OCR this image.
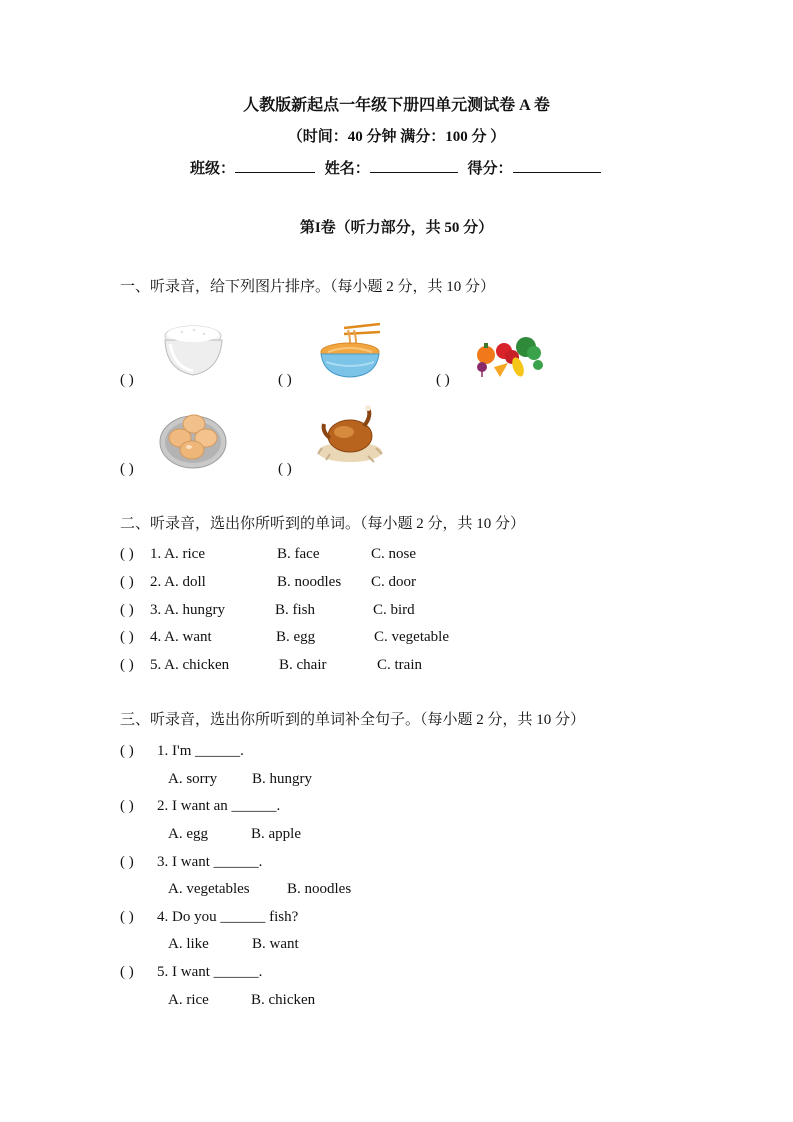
人教版新起点一年级下册四单元测试卷 A 卷
（时间：40 分钟 满分：100 分 ）
班级：	姓名：	得分：
第I卷（听力部分，共 50 分）
一、听录音，给下列图片排序。（每小题 2 分，共 10 分）
( )	( )	( )
( )	( )
二、听录音，选出你所听到的单词。（每小题 2 分，共 10 分）
( ) 1. A. rice	B. face	C. nose
( ) 2. A. doll	B. noodles C. door
( ) 3. A. hungry	B. fish	C. bird
( ) 4. A. want	B. egg	C. vegetable
( ) 5. A. chicken	B. chair	C. train
三、听录音，选出你所听到的单词补全句子。（每小题 2 分，共 10 分）
( ) 1. I'm ______.
A. sorry B. hungry
( ) 2. I want an ______.
A. egg	B. apple
( ) 3. I want ______.
A. vegetables B. noodles
( ) 4. Do you ______ fish?
A. like	B. want
( ) 5. I want ______.
A. rice	B. chicken
